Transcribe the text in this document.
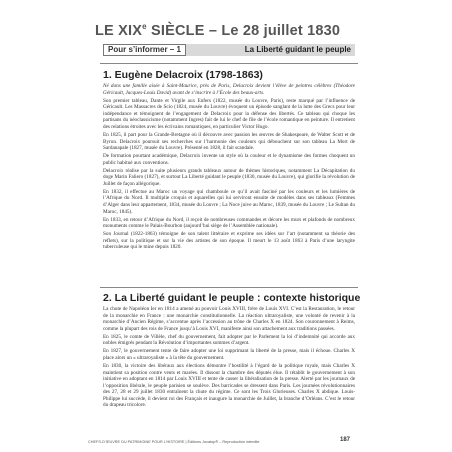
LE XIXe SIÈCLE – Le 28 juillet 1830
Pour s’informer – 1	La Liberté guidant le peuple
1. Eugène Delacroix (1798-1863)

Né dans une famille aisée à Saint-Maurice, près de Paris, Delacroix devient l’élève de peintres célèbres (Théodore Géricault, Jacques-Louis David) avant de s’inscrire à l’École des beaux-arts.

Son premier tableau, Dante et Virgile aux Enfers (1822, musée du Louvre, Paris), reste marqué par l’influence de Géricault. Les Massacres de Scio (1824, musée du Louvre) évoquent un épisode sanglant de la lutte des Grecs pour leur indépendance et témoignent de l’engagement de Delacroix pour la défense des libertés. Ce tableau qui choque les partisans du néoclassicisme (notamment Ingres) fait de lui le chef de file de l’école romantique en peinture. Il entretient des relations étroites avec les écrivains romantiques, en particulier Victor Hugo.

En 1825, il part pour la Grande-Bretagne où il découvre avec passion les œuvres de Shakespeare, de Walter Scott et de Byron. Delacroix poursuit ses recherches sur l’harmonie des couleurs qui débouchent sur son tableau La Mort de Sardanapale (1827, musée du Louvre). Présenté en 1828, il fait scandale.

De formation pourtant académique, Delacroix invente un style où la couleur et le dynamisme des formes choquent un public habitué aux conventions.

Delacroix réalise par la suite plusieurs grands tableaux autour de thèmes historiques, notamment La Décapitation du doge Marin Faliero (1827), et surtout La Liberté guidant le peuple (1830, musée du Louvre), qui glorifie la révolution de Juillet de façon allégorique.

En 1832, il effectue au Maroc un voyage qui chamboule ce qu’il avait fasciné par les couleurs et les lumières de l’Afrique du Nord. Il multiplie croquis et aquarelles qui lui serviront ensuite de modèles dans ses tableaux (Femmes d’Alger dans leur appartement, 1834, musée du Louvre ; La Noce juive au Maroc, 1839, musée du Louvre ; Le Sultan du Maroc, 1845).

En 1833, en retour d’Afrique du Nord, il reçoit de nombreuses commandes et décore les murs et plafonds de nombreux monuments comme le Palais-Bourbon (aujourd’hui siège de l’Assemblée nationale).

Son Journal (1822-1863) témoigne de son talent littéraire et exprime ses idées sur l’art (notamment sa théorie des reflets), sur la politique et sur la vie des artistes de son époque. Il meurt le 13 août 1863 à Paris d’une laryngite tuberculeuse qui le mine depuis 1820.

2. La Liberté guidant le peuple : contexte historique

La chute de Napoléon Ier en 1814 a amené au pouvoir Louis XVIII, frère de Louis XVI. C’est la Restauration, le retour de la monarchie en France : une monarchie constitutionnelle. La réaction ultraroyaliste, une volonté de revenir à la monarchie d’Ancien Régime, s’accentue après l’accession au trône de Charles X en 1824. Son couronnement à Reims, comme la plupart des rois de France jusqu’à Louis XVI, manifeste ainsi son attachement aux traditions passées.

En 1825, le comte de Villèle, chef du gouvernement, fait adopter par le Parlement la loi d’indemnité qui accorde aux nobles émigrés pendant la Révolution d’importantes sommes d’argent.

En 1827, le gouvernement tente de faire adopter une loi supprimant la liberté de la presse, mais il échoue. Charles X place alors un « ultraroyaliste » à la tête du gouvernement.

En 1830, la victoire des libéraux aux élections démontre l’hostilité à l’égard de la politique royale, mais Charles X maintient sa position contre vents et marées. Il dissout la chambre des députés élue. Il rétablit le gouvernement à son initiative en adoptant en 1814 par Louis XVIII et tente de casser la libéralisation de la presse. Alerté par les journaux de l’opposition libérale, le peuple parisien se soulève. Des barricades se dressent dans Paris. Les journées révolutionnaires des 27, 28 et 29 juillet 1830 entraînent la chute du régime. Ce sont les Trois Glorieuses. Charles X abdique. Louis-Philippe lui succède, il devient roi des Français et inaugure la monarchie de Juillet, la branche d’Orléans. C’est le retour du drapeau tricolore.

CHEFS-D’ŒUVRE DU PATRIMOINE POUR L’HISTOIRE | Éditions Jocatop® – Reproduction interdite	187
